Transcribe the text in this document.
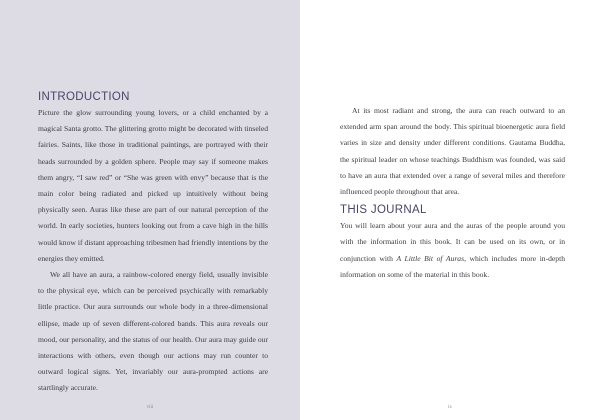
INTRODUCTION

Picture the glow surrounding young lovers, or a child enchanted by a magical Santa grotto. The glittering grotto might be decorated with tinseled fairies. Saints, like those in traditional paintings, are portrayed with their heads surrounded by a golden sphere. People may say if someone makes them angry, “I saw red” or “She was green with envy” because that is the main color being radiated and picked up intuitively without being physically seen. Auras like these are part of our natural perception of the world. In early societies, hunters looking out from a cave high in the hills would know if distant approaching tribesmen had friendly intentions by the energies they emitted.

We all have an aura, a rainbow-colored energy field, usually invisible to the physical eye, which can be perceived psychically with remarkably little practice. Our aura surrounds our whole body in a three-dimensional ellipse, made up of seven different-colored bands. This aura reveals our mood, our personality, and the status of our health. Our aura may guide our interactions with others, even though our actions may run counter to outward logical signs. Yet, invariably our aura-prompted actions are startlingly accurate.

viii

At its most radiant and strong, the aura can reach outward to an extended arm span around the body. This spiritual bioenergetic aura field varies in size and density under different conditions. Gautama Buddha, the spiritual leader on whose teachings Buddhism was founded, was said to have an aura that extended over a range of several miles and therefore influenced people throughout that area.

THIS JOURNAL

You will learn about your aura and the auras of the people around you with the information in this book. It can be used on its own, or in conjunction with A Little Bit of Auras, which includes more in-depth information on some of the material in this book.

ix
